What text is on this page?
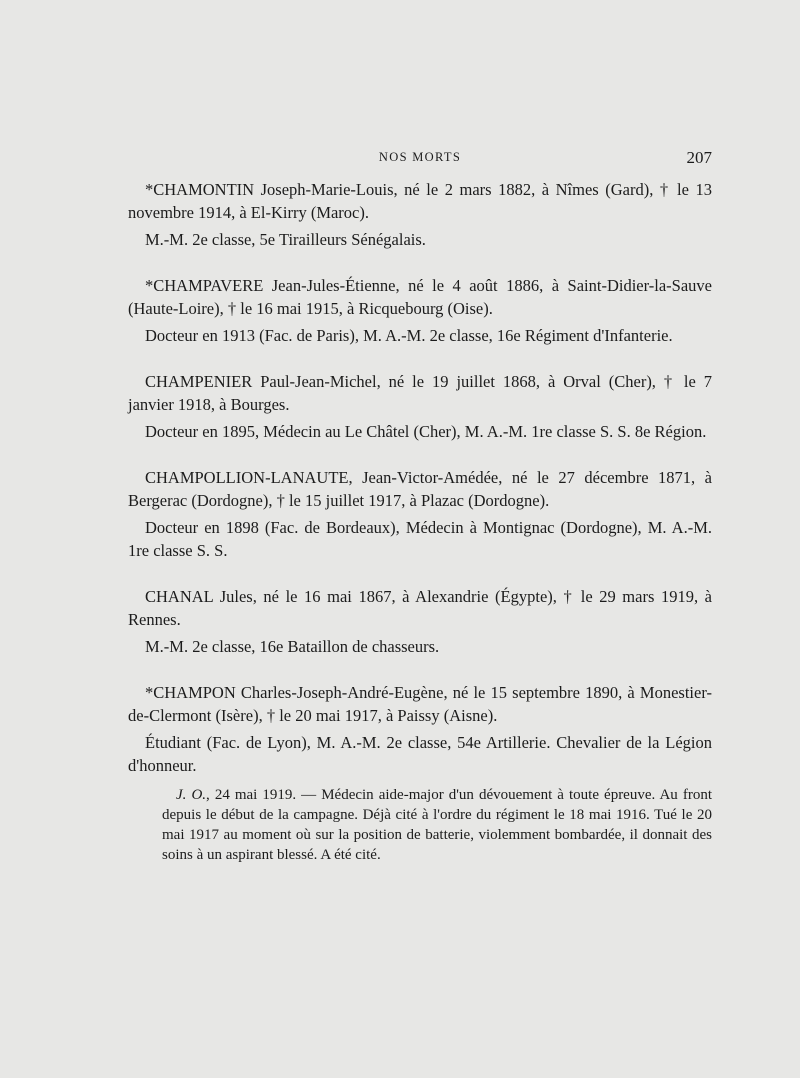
NOS MORTS	207

*CHAMONTIN Joseph-Marie-Louis, né le 2 mars 1882, à Nîmes (Gard), † le 13 novembre 1914, à El-Kirry (Maroc).

M.-M. 2e classe, 5e Tirailleurs Sénégalais.

*CHAMPAVERE Jean-Jules-Étienne, né le 4 août 1886, à Saint-Didier-la-Sauve (Haute-Loire), † le 16 mai 1915, à Ricquebourg (Oise).

Docteur en 1913 (Fac. de Paris), M. A.-M. 2e classe, 16e Régiment d'Infanterie.

CHAMPENIER Paul-Jean-Michel, né le 19 juillet 1868, à Orval (Cher), † le 7 janvier 1918, à Bourges.

Docteur en 1895, Médecin au Le Châtel (Cher), M. A.-M. 1re classe S. S. 8e Région.

CHAMPOLLION-LANAUTE, Jean-Victor-Amédée, né le 27 décembre 1871, à Bergerac (Dordogne), † le 15 juillet 1917, à Plazac (Dordogne).

Docteur en 1898 (Fac. de Bordeaux), Médecin à Montignac (Dordogne), M. A.-M. 1re classe S. S.

CHANAL Jules, né le 16 mai 1867, à Alexandrie (Égypte), † le 29 mars 1919, à Rennes.

M.-M. 2e classe, 16e Bataillon de chasseurs.

*CHAMPON Charles-Joseph-André-Eugène, né le 15 septembre 1890, à Monestier-de-Clermont (Isère), † le 20 mai 1917, à Paissy (Aisne).

Étudiant (Fac. de Lyon), M. A.-M. 2e classe, 54e Artillerie. Chevalier de la Légion d'honneur.

J. O., 24 mai 1919. — Médecin aide-major d'un dévouement à toute épreuve. Au front depuis le début de la campagne. Déjà cité à l'ordre du régiment le 18 mai 1916. Tué le 20 mai 1917 au moment où sur la position de batterie, violemment bombardée, il donnait des soins à un aspirant blessé. A été cité.
